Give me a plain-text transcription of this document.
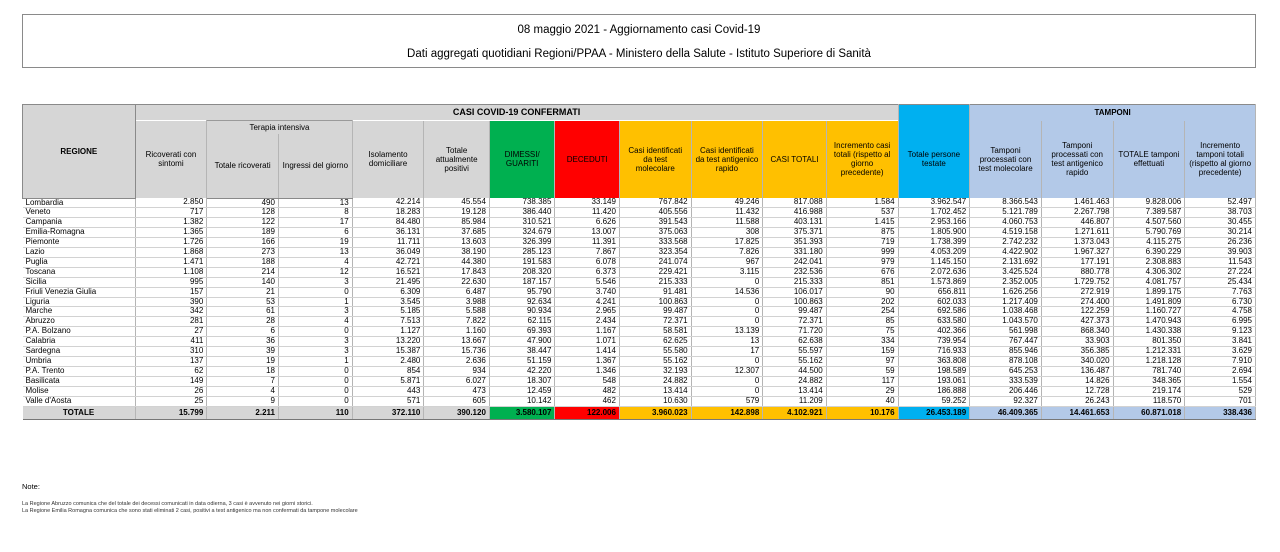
08 maggio 2021 - Aggiornamento casi Covid-19
Dati aggregati quotidiani Regioni/PPAA - Ministero della Salute - Istituto Superiore di Sanità
REGIONE	CASI COVID-19 CONFERMATI												TAMPONI			
	Ricoverati con sintomi	Terapia intensiva		Isolamento domiciliare	Totale attualmente positivi	DIMESSI/ GUARITI	DECEDUTI	Casi identificati da test molecolare	Casi identificati da test antigenico rapido	CASI TOTALI	Incremento casi totali (rispetto al giorno precedente)	Totale persone testate	Tamponi processati con test molecolare	Tamponi processati con test antigenico rapido	TOTALE tamponi effettuati	Incremento tamponi totali (rispetto al giorno precedente)
		Totale ricoverati	Ingressi del giorno													
Lombardia	2.850	490	13	42.214	45.554	738.385	33.149	767.842	49.246	817.088	1.584	3.962.547	8.366.543	1.461.463	9.828.006	52.497
Veneto	717	128	8	18.283	19.128	386.440	11.420	405.556	11.432	416.988	537	1.702.452	5.121.789	2.267.798	7.389.587	38.703
Campania	1.382	122	17	84.480	85.984	310.521	6.626	391.543	11.588	403.131	1.415	2.953.166	4.060.753	446.807	4.507.560	30.455
Emilia-Romagna	1.365	189	6	36.131	37.685	324.679	13.007	375.063	308	375.371	875	1.805.900	4.519.158	1.271.611	5.790.769	30.214
Piemonte	1.726	166	19	11.711	13.603	326.399	11.391	333.568	17.825	351.393	719	1.738.399	2.742.232	1.373.043	4.115.275	26.236
Lazio	1.868	273	13	36.049	38.190	285.123	7.867	323.354	7.826	331.180	999	4.053.209	4.422.902	1.967.327	6.390.229	39.903
Puglia	1.471	188	4	42.721	44.380	191.583	6.078	241.074	967	242.041	979	1.145.150	2.131.692	177.191	2.308.883	11.543
Toscana	1.108	214	12	16.521	17.843	208.320	6.373	229.421	3.115	232.536	676	2.072.636	3.425.524	880.778	4.306.302	27.224
Sicilia	995	140	3	21.495	22.630	187.157	5.546	215.333	0	215.333	851	1.573.869	2.352.005	1.729.752	4.081.757	25.434
Friuli Venezia Giulia	157	21	0	6.309	6.487	95.790	3.740	91.481	14.536	106.017	90	656.811	1.626.256	272.919	1.899.175	7.763
Liguria	390	53	1	3.545	3.988	92.634	4.241	100.863	0	100.863	202	602.033	1.217.409	274.400	1.491.809	6.730
Marche	342	61	3	5.185	5.588	90.934	2.965	99.487	0	99.487	254	692.586	1.038.468	122.259	1.160.727	4.758
Abruzzo	281	28	4	7.513	7.822	62.115	2.434	72.371	0	72.371	85	633.580	1.043.570	427.373	1.470.943	6.995
P.A. Bolzano	27	6	0	1.127	1.160	69.393	1.167	58.581	13.139	71.720	75	402.366	561.998	868.340	1.430.338	9.123
Calabria	411	36	3	13.220	13.667	47.900	1.071	62.625	13	62.638	334	739.954	767.447	33.903	801.350	3.841
Sardegna	310	39	3	15.387	15.736	38.447	1.414	55.580	17	55.597	159	716.933	855.946	356.385	1.212.331	3.629
Umbria	137	19	1	2.480	2.636	51.159	1.367	55.162	0	55.162	97	363.808	878.108	340.020	1.218.128	7.910
P.A. Trento	62	18	0	854	934	42.220	1.346	32.193	12.307	44.500	59	198.589	645.253	136.487	781.740	2.694
Basilicata	149	7	0	5.871	6.027	18.307	548	24.882	0	24.882	117	193.061	333.539	14.826	348.365	1.554
Molise	26	4	0	443	473	12.459	482	13.414	0	13.414	29	186.888	206.446	12.728	219.174	529
Valle d'Aosta	25	9	0	571	605	10.142	462	10.630	579	11.209	40	59.252	92.327	26.243	118.570	701
TOTALE	15.799	2.211	110	372.110	390.120	3.580.107	122.006	3.960.023	142.898	4.102.921	10.176	26.453.189	46.409.365	14.461.653	60.871.018	338.436
Note:
La Regione Abruzzo comunica che del totale dei decessi comunicati in data odierna, 3 casi è avvenuto nei giorni storici.
La Regione Emilia Romagna comunica che sono stati eliminati 2 casi, positivi a test antigenico ma non confermati da tampone molecolare
